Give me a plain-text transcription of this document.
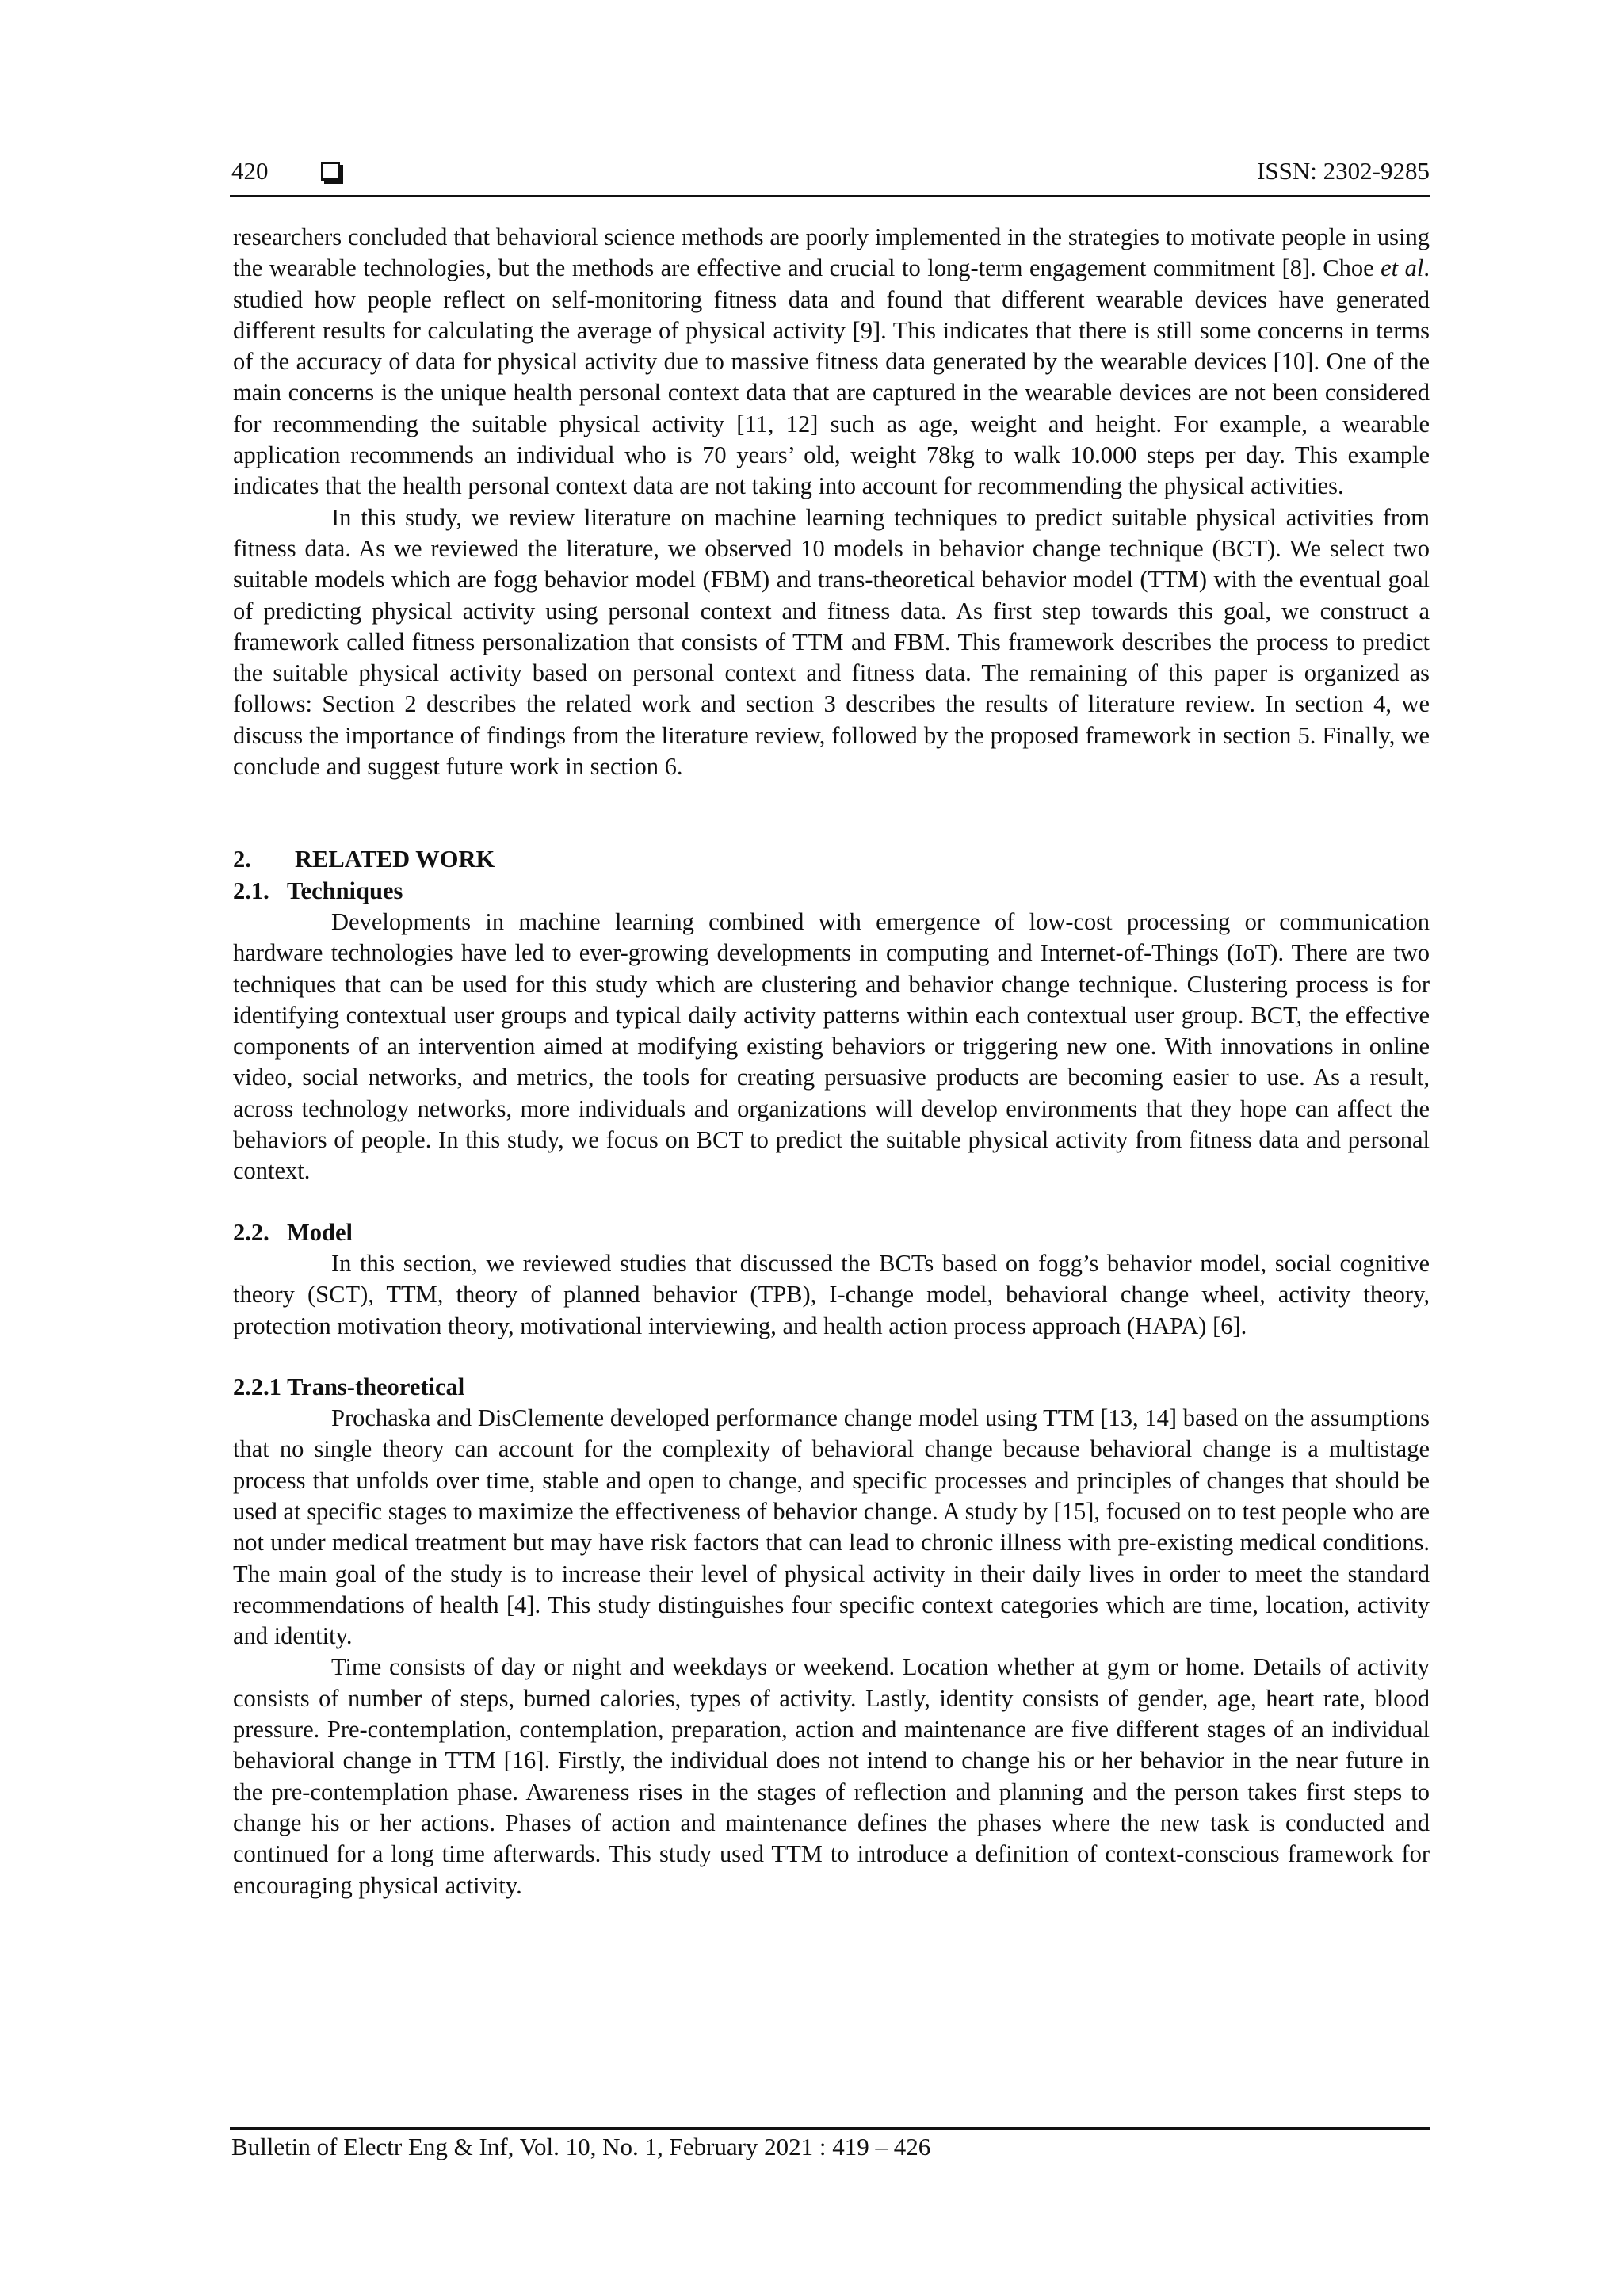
420	ISSN: 2302-9285

researchers concluded that behavioral science methods are poorly implemented in the strategies to motivate people in using the wearable technologies, but the methods are effective and crucial to long-term engagement commitment [8]. Choe et al. studied how people reflect on self-monitoring fitness data and found that different wearable devices have generated different results for calculating the average of physical activity [9]. This indicates that there is still some concerns in terms of the accuracy of data for physical activity due to massive fitness data generated by the wearable devices [10]. One of the main concerns is the unique health personal context data that are captured in the wearable devices are not been considered for recommending the suitable physical activity [11, 12] such as age, weight and height. For example, a wearable application recommends an individual who is 70 years’ old, weight 78kg to walk 10.000 steps per day. This example indicates that the health personal context data are not taking into account for recommending the physical activities.

In this study, we review literature on machine learning techniques to predict suitable physical activities from fitness data. As we reviewed the literature, we observed 10 models in behavior change technique (BCT). We select two suitable models which are fogg behavior model (FBM) and trans-theoretical behavior model (TTM) with the eventual goal of predicting physical activity using personal context and fitness data. As first step towards this goal, we construct a framework called fitness personalization that consists of TTM and FBM. This framework describes the process to predict the suitable physical activity based on personal context and fitness data. The remaining of this paper is organized as follows: Section 2 describes the related work and section 3 describes the results of literature review. In section 4, we discuss the importance of findings from the literature review, followed by the proposed framework in section 5. Finally, we conclude and suggest future work in section 6.

2. RELATED WORK
2.1. Techniques

Developments in machine learning combined with emergence of low-cost processing or communication hardware technologies have led to ever-growing developments in computing and Internet-of-Things (IoT). There are two techniques that can be used for this study which are clustering and behavior change technique. Clustering process is for identifying contextual user groups and typical daily activity patterns within each contextual user group. BCT, the effective components of an intervention aimed at modifying existing behaviors or triggering new one. With innovations in online video, social networks, and metrics, the tools for creating persuasive products are becoming easier to use. As a result, across technology networks, more individuals and organizations will develop environments that they hope can affect the behaviors of people. In this study, we focus on BCT to predict the suitable physical activity from fitness data and personal context.

2.2. Model

In this section, we reviewed studies that discussed the BCTs based on fogg’s behavior model, social cognitive theory (SCT), TTM, theory of planned behavior (TPB), I-change model, behavioral change wheel, activity theory, protection motivation theory, motivational interviewing, and health action process approach (HAPA) [6].

2.2.1 Trans-theoretical

Prochaska and DisClemente developed performance change model using TTM [13, 14] based on the assumptions that no single theory can account for the complexity of behavioral change because behavioral change is a multistage process that unfolds over time, stable and open to change, and specific processes and principles of changes that should be used at specific stages to maximize the effectiveness of behavior change. A study by [15], focused on to test people who are not under medical treatment but may have risk factors that can lead to chronic illness with pre-existing medical conditions. The main goal of the study is to increase their level of physical activity in their daily lives in order to meet the standard recommendations of health [4]. This study distinguishes four specific context categories which are time, location, activity and identity.

Time consists of day or night and weekdays or weekend. Location whether at gym or home. Details of activity consists of number of steps, burned calories, types of activity. Lastly, identity consists of gender, age, heart rate, blood pressure. Pre-contemplation, contemplation, preparation, action and maintenance are five different stages of an individual behavioral change in TTM [16]. Firstly, the individual does not intend to change his or her behavior in the near future in the pre-contemplation phase. Awareness rises in the stages of reflection and planning and the person takes first steps to change his or her actions. Phases of action and maintenance defines the phases where the new task is conducted and continued for a long time afterwards. This study used TTM to introduce a definition of context-conscious framework for encouraging physical activity.

Bulletin of Electr Eng & Inf, Vol. 10, No. 1, February 2021 : 419 – 426
